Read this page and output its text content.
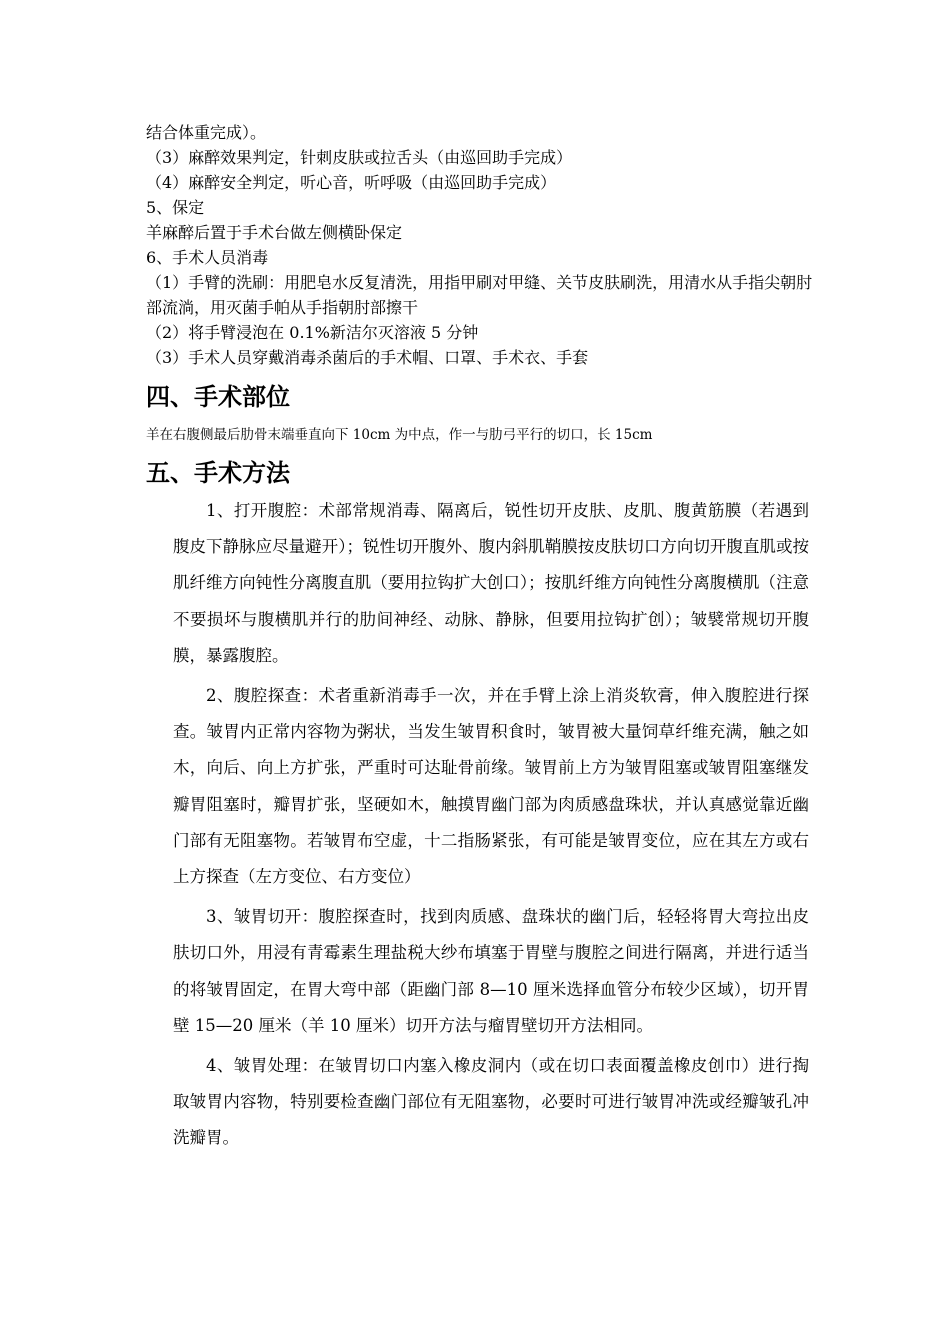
结合体重完成）。

（3）麻醉效果判定，针刺皮肤或拉舌头（由巡回助手完成）

（4）麻醉安全判定，听心音，听呼吸（由巡回助手完成）

5、保定

羊麻醉后置于手术台做左侧横卧保定

6、手术人员消毒

（1）手臂的洗刷：用肥皂水反复清洗，用指甲刷对甲缝、关节皮肤刷洗，用清水从手指尖朝肘部流淌，用灭菌手帕从手指朝肘部擦干

（2）将手臂浸泡在 0.1%新洁尔灭溶液 5 分钟

（3）手术人员穿戴消毒杀菌后的手术帽、口罩、手术衣、手套

四、手术部位

羊在右腹侧最后肋骨末端垂直向下 10cm 为中点，作一与肋弓平行的切口，长 15cm

五、手术方法

1、打开腹腔：术部常规消毒、隔离后，锐性切开皮肤、皮肌、腹黄筋膜（若遇到腹皮下静脉应尽量避开）；锐性切开腹外、腹内斜肌鞘膜按皮肤切口方向切开腹直肌或按肌纤维方向钝性分离腹直肌（要用拉钩扩大创口）；按肌纤维方向钝性分离腹横肌（注意不要损坏与腹横肌并行的肋间神经、动脉、静脉，但要用拉钩扩创）；皱襞常规切开腹膜，暴露腹腔。

2、腹腔探查：术者重新消毒手一次，并在手臂上涂上消炎软膏，伸入腹腔进行探查。皱胃内正常内容物为粥状，当发生皱胃积食时，皱胃被大量饲草纤维充满，触之如木，向后、向上方扩张，严重时可达耻骨前缘。皱胃前上方为皱胃阻塞或皱胃阻塞继发瓣胃阻塞时，瓣胃扩张，坚硬如木，触摸胃幽门部为肉质感盘珠状，并认真感觉靠近幽门部有无阻塞物。若皱胃布空虚，十二指肠紧张，有可能是皱胃变位，应在其左方或右上方探查（左方变位、右方变位）

3、皱胃切开：腹腔探查时，找到肉质感、盘珠状的幽门后，轻轻将胃大弯拉出皮肤切口外，用浸有青霉素生理盐税大纱布填塞于胃壁与腹腔之间进行隔离，并进行适当的将皱胃固定，在胃大弯中部（距幽门部 8—10 厘米选择血管分布较少区域），切开胃壁 15—20 厘米（羊 10 厘米）切开方法与瘤胃壁切开方法相同。

4、皱胃处理：在皱胃切口内塞入橡皮洞内（或在切口表面覆盖橡皮创巾）进行掏取皱胃内容物，特别要检查幽门部位有无阻塞物，必要时可进行皱胃冲洗或经瓣皱孔冲洗瓣胃。
